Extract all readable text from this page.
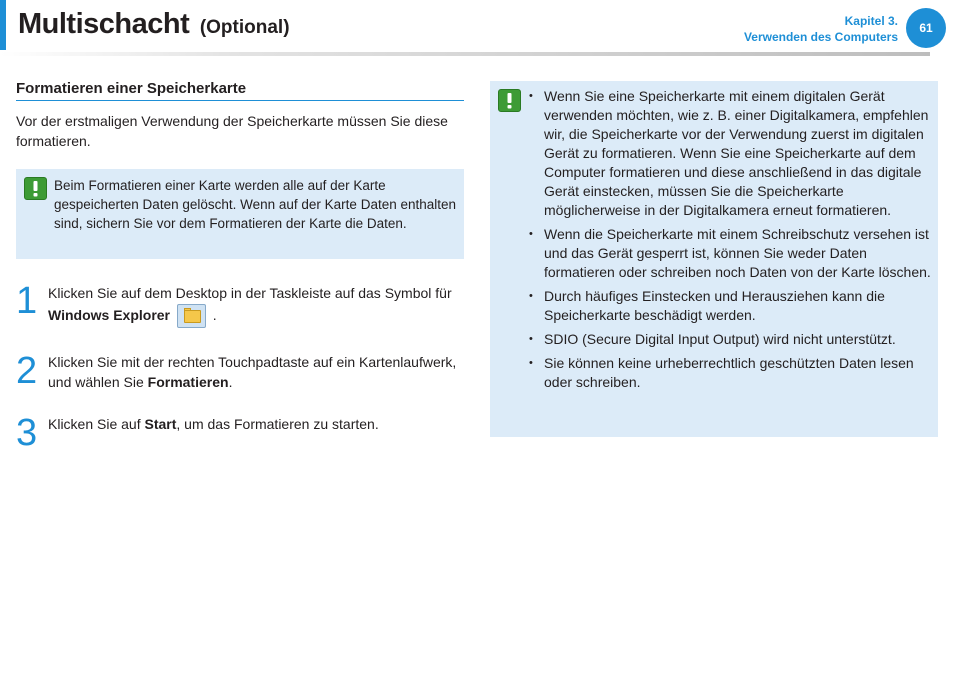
Multischacht (Optional)	Kapitel 3.
Verwenden des Computers
61
Formatieren einer Speicherkarte
Vor der erstmaligen Verwendung der Speicherkarte müssen Sie diese formatieren.
Beim Formatieren einer Karte werden alle auf der Karte gespeicherten Daten gelöscht. Wenn auf der Karte Daten enthalten sind, sichern Sie vor dem Formatieren der Karte die Daten.
1 Klicken Sie auf dem Desktop in der Taskleiste auf das Symbol für Windows Explorer	.
2 Klicken Sie mit der rechten Touchpadtaste auf ein Kartenlaufwerk, und wählen Sie Formatieren.
3 Klicken Sie auf Start, um das Formatieren zu starten.
• Wenn Sie eine Speicherkarte mit einem digitalen Gerät verwenden möchten, wie z. B. einer Digitalkamera, empfehlen wir, die Speicherkarte vor der Verwendung zuerst im digitalen Gerät zu formatieren. Wenn Sie eine Speicherkarte auf dem Computer formatieren und diese anschließend in das digitale Gerät einstecken, müssen Sie die Speicherkarte möglicherweise in der Digitalkamera erneut formatieren.
• Wenn die Speicherkarte mit einem Schreibschutz versehen ist und das Gerät gesperrt ist, können Sie weder Daten formatieren oder schreiben noch Daten von der Karte löschen.
• Durch häufiges Einstecken und Herausziehen kann die Speicherkarte beschädigt werden.
• SDIO (Secure Digital Input Output) wird nicht unterstützt.
• Sie können keine urheberrechtlich geschützten Daten lesen oder schreiben.
